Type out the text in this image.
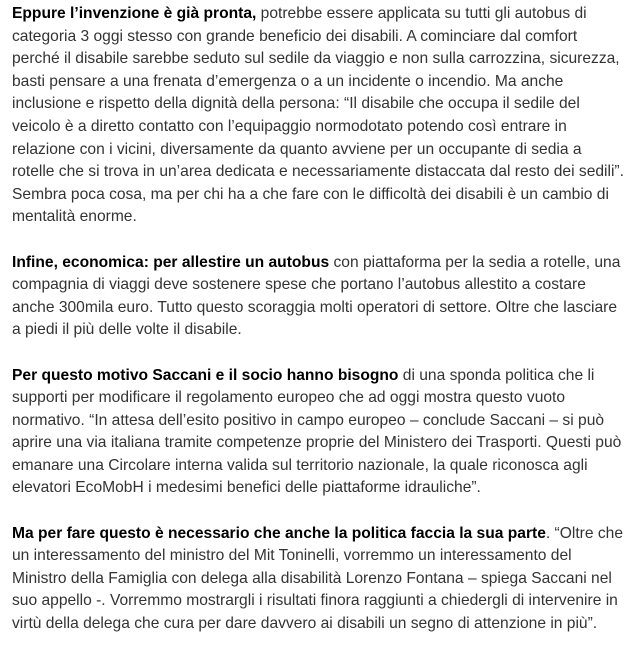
Eppure l’invenzione è già pronta, potrebbe essere applicata su tutti gli autobus di categoria 3 oggi stesso con grande beneficio dei disabili. A cominciare dal comfort perché il disabile sarebbe seduto sul sedile da viaggio e non sulla carrozzina, sicurezza, basti pensare a una frenata d’emergenza o a un incidente o incendio. Ma anche inclusione e rispetto della dignità della persona: “Il disabile che occupa il sedile del veicolo è a diretto contatto con l’equipaggio normodotato potendo così entrare in relazione con i vicini, diversamente da quanto avviene per un occupante di sedia a rotelle che si trova in un’area dedicata e necessariamente distaccata dal resto dei sedili”. Sembra poca cosa, ma per chi ha a che fare con le difficoltà dei disabili è un cambio di mentalità enorme.

Infine, economica: per allestire un autobus con piattaforma per la sedia a rotelle, una compagnia di viaggi deve sostenere spese che portano l’autobus allestito a costare anche 300mila euro. Tutto questo scoraggia molti operatori di settore. Oltre che lasciare a piedi il più delle volte il disabile.

Per questo motivo Saccani e il socio hanno bisogno di una sponda politica che li supporti per modificare il regolamento europeo che ad oggi mostra questo vuoto normativo. “In attesa dell’esito positivo in campo europeo – conclude Saccani – si può aprire una via italiana tramite competenze proprie del Ministero dei Trasporti. Questi può emanare una Circolare interna valida sul territorio nazionale, la quale riconosca agli elevatori EcoMobH i medesimi benefici delle piattaforme idrauliche”.

Ma per fare questo è necessario che anche la politica faccia la sua parte. “Oltre che un interessamento del ministro del Mit Toninelli, vorremmo un interessamento del Ministro della Famiglia con delega alla disabilità Lorenzo Fontana – spiega Saccani nel suo appello -. Vorremmo mostrargli i risultati finora raggiunti a chiedergli di intervenire in virtù della delega che cura per dare davvero ai disabili un segno di attenzione in più”.
